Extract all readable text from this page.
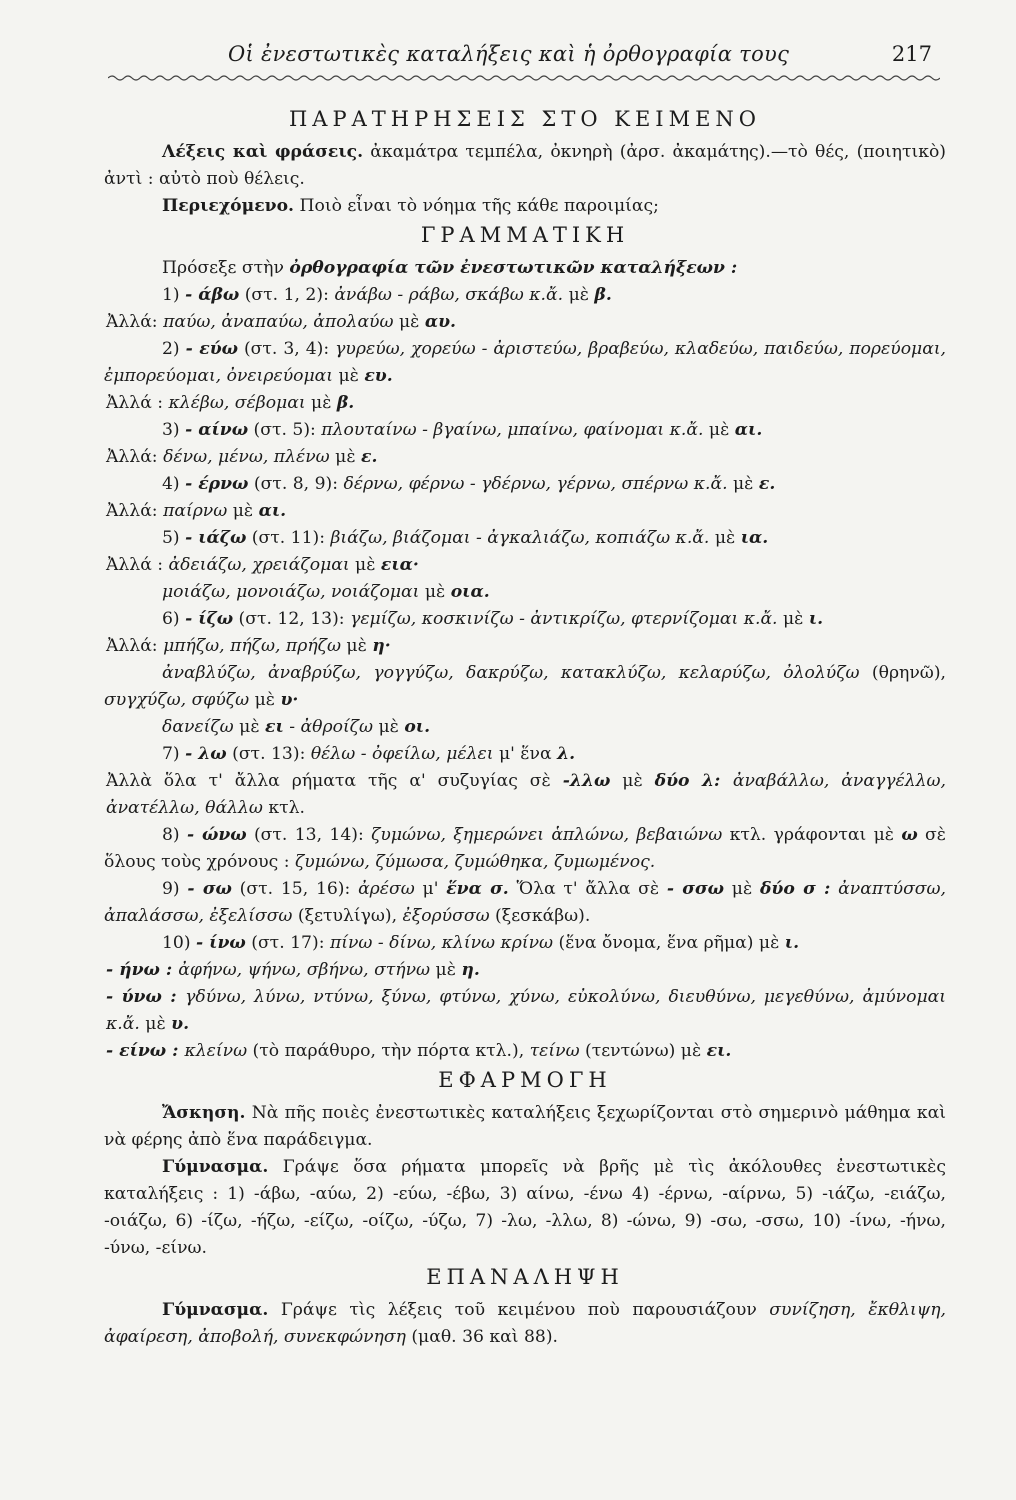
Οἱ ἐνεστωτικὲς καταλήξεις καὶ ἡ ὀρθογραφία τους	217
ΠΑΡΑΤΗΡΗΣΕΙΣ ΣΤΟ ΚΕΙΜΕΝΟ

Λέξεις καὶ φράσεις. ἀκαμάτρα τεμπέλα, ὀκνηρὴ (ἀρσ. ἀκαμάτης).—τὸ θές, (ποιητικὸ) ἀντὶ : αὐτὸ ποὺ θέλεις.

Περιεχόμενο. Ποιὸ εἶναι τὸ νόημα τῆς κάθε παροιμίας;

ΓΡΑΜΜΑΤΙΚΗ

Πρόσεξε στὴν ὀρθογραφία τῶν ἐνεστωτικῶν καταλήξεων :

1) - άβω (στ. 1, 2): ἀνάβω - ράβω, σκάβω κ.ἄ. μὲ β.

Ἀλλά: παύω, ἀναπαύω, ἀπολαύω μὲ αυ.

2) - εύω (στ. 3, 4): γυρεύω, χορεύω - ἀριστεύω, βραβεύω, κλαδεύω, παιδεύω, πορεύομαι, ἐμπορεύομαι, ὀνειρεύομαι μὲ ευ.

Ἀλλά : κλέβω, σέβομαι μὲ β.

3) - αίνω (στ. 5): πλουταίνω - βγαίνω, μπαίνω, φαίνομαι κ.ἄ. μὲ αι.

Ἀλλά: δένω, μένω, πλένω μὲ ε.

4) - έρνω (στ. 8, 9): δέρνω, φέρνω - γδέρνω, γέρνω, σπέρνω κ.ἄ. μὲ ε.

Ἀλλά: παίρνω μὲ αι.

5) - ιάζω (στ. 11): βιάζω, βιάζομαι - ἀγκαλιάζω, κοπιάζω κ.ἄ. μὲ ια.

Ἀλλά : ἀδειάζω, χρειάζομαι μὲ εια·

μοιάζω, μονοιάζω, νοιάζομαι μὲ οια.

6) - ίζω (στ. 12, 13): γεμίζω, κοσκινίζω - ἀντικρίζω, φτερνίζομαι κ.ἄ. μὲ ι.

Ἀλλά: μπήζω, πήζω, πρήζω μὲ η·

ἀναβλύζω, ἀναβρύζω, γογγύζω, δακρύζω, κατακλύζω, κελαρύζω, ὀλολύζω (θρηνῶ), συγχύζω, σφύζω μὲ υ·

δανείζω μὲ ει - ἀθροίζω μὲ οι.

7) - λω (στ. 13): θέλω - ὀφείλω, μέλει μ' ἕνα λ.

Ἀλλὰ ὅλα τ' ἄλλα ρήματα τῆς α' συζυγίας σὲ -λλω μὲ δύο λ: ἀναβάλλω, ἀναγγέλλω, ἀνατέλλω, θάλλω κτλ.

8) - ώνω (στ. 13, 14): ζυμώνω, ξημερώνει ἁπλώνω, βεβαιώνω κτλ. γράφονται μὲ ω σὲ ὅλους τοὺς χρόνους : ζυμώνω, ζύμωσα, ζυμώθηκα, ζυμωμένος.

9) - σω (στ. 15, 16): ἀρέσω μ' ἕνα σ. Ὅλα τ' ἄλλα σὲ - σσω μὲ δύο σ : ἀναπτύσσω, ἀπαλάσσω, ἐξελίσσω (ξετυλίγω), ἐξορύσσω (ξεσκάβω).

10) - ίνω (στ. 17): πίνω - δίνω, κλίνω κρίνω (ἕνα ὄνομα, ἕνα ρῆμα) μὲ ι.

- ήνω : ἀφήνω, ψήνω, σβήνω, στήνω μὲ η.

- ύνω : γδύνω, λύνω, ντύνω, ξύνω, φτύνω, χύνω, εὐκολύνω, διευθύνω, μεγεθύνω, ἀμύνομαι κ.ἄ. μὲ υ.

- είνω : κλείνω (τὸ παράθυρο, τὴν πόρτα κτλ.), τείνω (τεντώνω) μὲ ει.

ΕΦΑΡΜΟΓΗ

Ἄσκηση. Νὰ πῆς ποιὲς ἐνεστωτικὲς καταλήξεις ξεχωρίζονται στὸ σημερινὸ μάθημα καὶ νὰ φέρης ἀπὸ ἕνα παράδειγμα.

Γύμνασμα. Γράψε ὅσα ρήματα μπορεῖς νὰ βρῆς μὲ τὶς ἀκόλουθες ἐνεστωτικὲς καταλήξεις : 1) -άβω, -αύω, 2) -εύω, -έβω, 3) αίνω, -ένω 4) -έρνω, -αίρνω, 5) -ιάζω, -ειάζω, -οιάζω, 6) -ίζω, -ήζω, -είζω, -οίζω, -ύζω, 7) -λω, -λλω, 8) -ώνω, 9) -σω, -σσω, 10) -ίνω, -ήνω, -ύνω, -είνω.

ΕΠΑΝΑΛΗΨΗ

Γύμνασμα. Γράψε τὶς λέξεις τοῦ κειμένου ποὺ παρουσιάζουν συνίζηση, ἔκθλιψη, ἀφαίρεση, ἀποβολή, συνεκφώνηση (μαθ. 36 καὶ 88).
